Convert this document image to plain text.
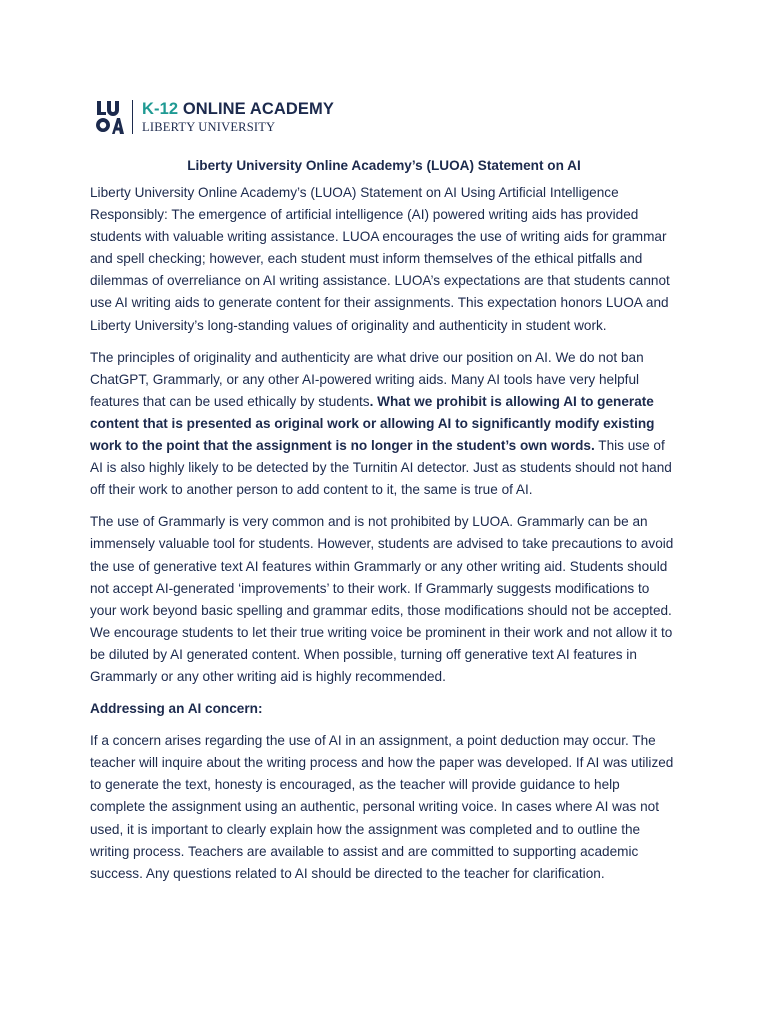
K-12 ONLINE ACADEMY
LIBERTY UNIVERSITY
Liberty University Online Academy’s (LUOA) Statement on AI

Liberty University Online Academy’s (LUOA) Statement on AI Using Artificial Intelligence Responsibly: The emergence of artificial intelligence (AI) powered writing aids has provided students with valuable writing assistance. LUOA encourages the use of writing aids for grammar and spell checking; however, each student must inform themselves of the ethical pitfalls and dilemmas of overreliance on AI writing assistance. LUOA’s expectations are that students cannot use AI writing aids to generate content for their assignments. This expectation honors LUOA and Liberty University’s long-standing values of originality and authenticity in student work.

The principles of originality and authenticity are what drive our position on AI. We do not ban ChatGPT, Grammarly, or any other AI-powered writing aids. Many AI tools have very helpful features that can be used ethically by students. What we prohibit is allowing AI to generate content that is presented as original work or allowing AI to significantly modify existing work to the point that the assignment is no longer in the student’s own words. This use of AI is also highly likely to be detected by the Turnitin AI detector. Just as students should not hand off their work to another person to add content to it, the same is true of AI.

The use of Grammarly is very common and is not prohibited by LUOA. Grammarly can be an immensely valuable tool for students. However, students are advised to take precautions to avoid the use of generative text AI features within Grammarly or any other writing aid. Students should not accept AI-generated ‘improvements’ to their work. If Grammarly suggests modifications to your work beyond basic spelling and grammar edits, those modifications should not be accepted. We encourage students to let their true writing voice be prominent in their work and not allow it to be diluted by AI generated content. When possible, turning off generative text AI features in Grammarly or any other writing aid is highly recommended.

Addressing an AI concern:

If a concern arises regarding the use of AI in an assignment, a point deduction may occur. The teacher will inquire about the writing process and how the paper was developed. If AI was utilized to generate the text, honesty is encouraged, as the teacher will provide guidance to help complete the assignment using an authentic, personal writing voice. In cases where AI was not used, it is important to clearly explain how the assignment was completed and to outline the writing process. Teachers are available to assist and are committed to supporting academic success. Any questions related to AI should be directed to the teacher for clarification.
